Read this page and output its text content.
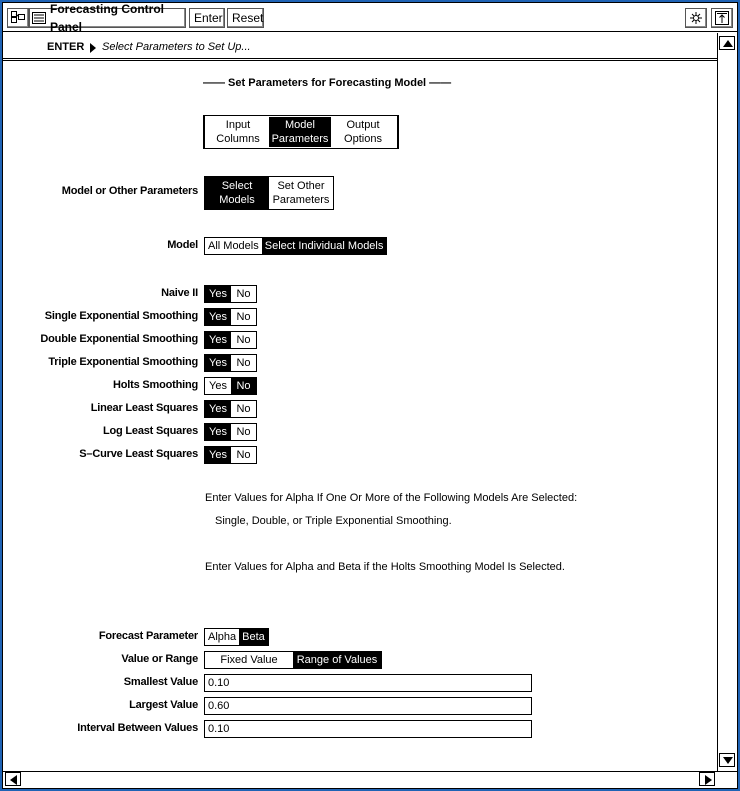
Forecasting Control Panel
Enter Reset
ENTER Select Parameters to Set Up...
—— Set Parameters for Forecasting Model ——
Input
Columns
Model
Parameters
Output
Options
Model or Other Parameters Select
Models
Set Other
Parameters
Model All Models Select Individual Models
Naive II	Yes No
Single Exponential Smoothing	Yes No
Double Exponential Smoothing	Yes No
Triple Exponential Smoothing	Yes No
Holts Smoothing	Yes No
Linear Least Squares	Yes No
Log Least Squares	Yes No
S–Curve Least Squares	Yes No
Enter Values for Alpha If One Or More of the Following Models Are Selected:
Single, Double, or Triple Exponential Smoothing.
Enter Values for Alpha and Beta if the Holts Smoothing Model Is Selected.
Forecast Parameter Alpha Beta
Value or Range	Fixed Value	Range of Values
Smallest Value 0.10
Largest Value 0.60
Interval Between Values 0.10
